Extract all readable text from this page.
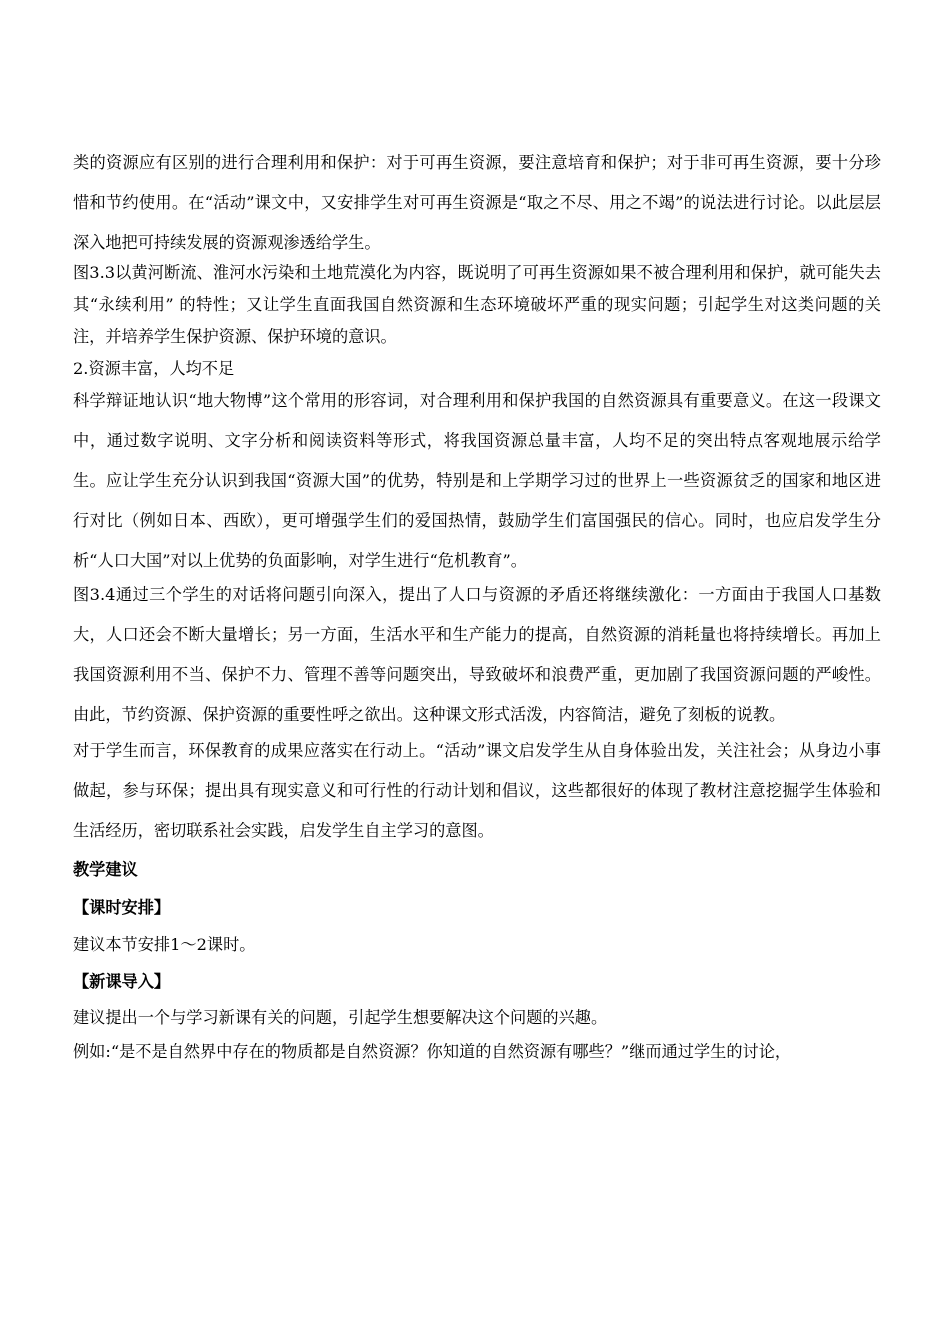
类的资源应有区别的进行合理利用和保护：对于可再生资源，要注意培育和保护；对于非可再生资源，要十分珍惜和节约使用。在“活动”课文中，又安排学生对可再生资源是“取之不尽、用之不竭”的说法进行讨论。以此层层深入地把可持续发展的资源观渗透给学生。

图3.3以黄河断流、淮河水污染和土地荒漠化为内容，既说明了可再生资源如果不被合理利用和保护，就可能失去其“永续利用” 的特性；又让学生直面我国自然资源和生态环境破坏严重的现实问题；引起学生对这类问题的关注，并培养学生保护资源、保护环境的意识。

2.资源丰富，人均不足

科学辩证地认识“地大物博”这个常用的形容词，对合理利用和保护我国的自然资源具有重要意义。在这一段课文中，通过数字说明、文字分析和阅读资料等形式，将我国资源总量丰富，人均不足的突出特点客观地展示给学生。应让学生充分认识到我国“资源大国”的优势，特别是和上学期学习过的世界上一些资源贫乏的国家和地区进行对比（例如日本、西欧），更可增强学生们的爱国热情，鼓励学生们富国强民的信心。同时，也应启发学生分析“人口大国”对以上优势的负面影响，对学生进行“危机教育”。

图3.4通过三个学生的对话将问题引向深入，提出了人口与资源的矛盾还将继续激化：一方面由于我国人口基数大，人口还会不断大量增长；另一方面，生活水平和生产能力的提高，自然资源的消耗量也将持续增长。再加上我国资源利用不当、保护不力、管理不善等问题突出，导致破坏和浪费严重，更加剧了我国资源问题的严峻性。由此，节约资源、保护资源的重要性呼之欲出。这种课文形式活泼，内容简洁，避免了刻板的说教。

对于学生而言，环保教育的成果应落实在行动上。“活动”课文启发学生从自身体验出发，关注社会；从身边小事做起，参与环保；提出具有现实意义和可行性的行动计划和倡议，这些都很好的体现了教材注意挖掘学生体验和生活经历，密切联系社会实践，启发学生自主学习的意图。

教学建议

【课时安排】

建议本节安排1～2课时。

【新课导入】

建议提出一个与学习新课有关的问题，引起学生想要解决这个问题的兴趣。

例如:“是不是自然界中存在的物质都是自然资源？你知道的自然资源有哪些？”继而通过学生的讨论，
